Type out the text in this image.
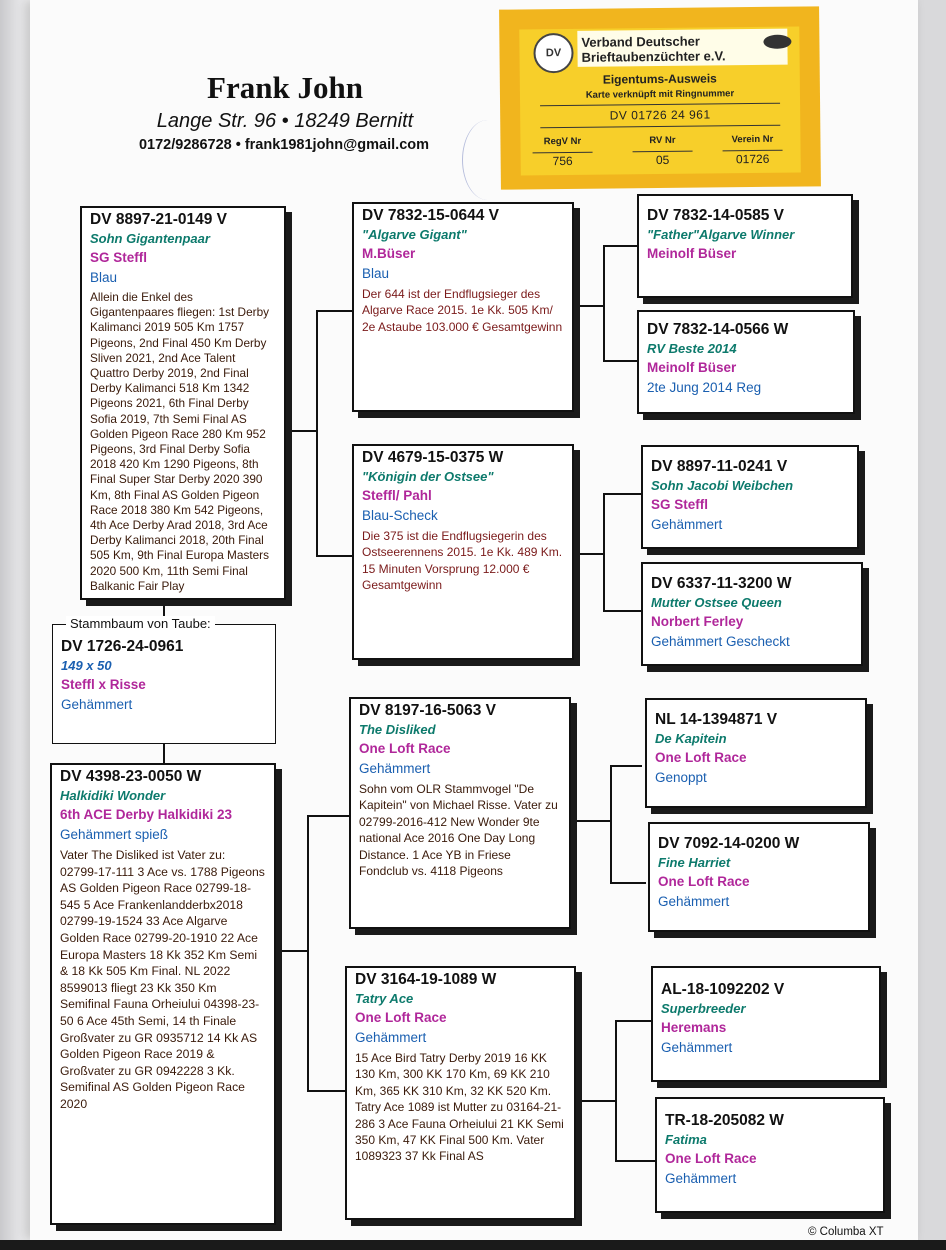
Frank John
Lange Str. 96 • 18249 Bernitt
0172/9286728 • frank1981john@gmail.com
DV
Verband Deutscher Brieftaubenzüchter e.V.
Eigentums-Ausweis
Karte verknüpft mit Ringnummer
DV 01726 24 961
RegV Nr
756
RV Nr
05
Verein Nr
01726
DV 8897-21-0149 V
Sohn Gigantenpaar
SG Steffl
Blau
Allein die Enkel des Gigantenpaares fliegen: 1st Derby Kalimanci 2019 505 Km 1757 Pigeons, 2nd Final 450 Km Derby Sliven 2021, 2nd Ace Talent Quattro Derby 2019, 2nd Final Derby Kalimanci 518 Km 1342 Pigeons 2021, 6th Final Derby Sofia 2019, 7th Semi Final AS Golden Pigeon Race 280 Km 952 Pigeons, 3rd Final Derby Sofia 2018 420 Km 1290 Pigeons, 8th Final Super Star Derby 2020 390 Km, 8th Final AS Golden Pigeon Race 2018 380 Km 542 Pigeons, 4th Ace Derby Arad 2018, 3rd Ace Derby Kalimanci 2018, 20th Final 505 Km, 9th Final Europa Masters 2020 500 Km, 11th Semi Final Balkanic Fair Play
DV 1726-24-0961
149 x 50
Steffl x Risse
Gehämmert
Stammbaum von Taube:
DV 4398-23-0050 W
Halkidiki Wonder
6th ACE Derby Halkidiki 23
Gehämmert spieß
Vater The Disliked ist Vater zu: 02799-17-111 3 Ace vs. 1788 Pigeons AS Golden Pigeon Race 02799-18-545 5 Ace Frankenlandderbx2018 02799-19-1524 33 Ace Algarve Golden Race 02799-20-1910 22 Ace Europa Masters 18 Kk 352 Km Semi & 18 Kk 505 Km Final. NL 2022 8599013 fliegt 23 Kk 350 Km Semifinal Fauna Orheiului 04398-23-50 6 Ace 45th Semi, 14 th Finale Großvater zu GR 0935712 14 Kk AS Golden Pigeon Race 2019 & Großvater zu GR 0942228 3 Kk. Semifinal AS Golden Pigeon Race 2020
DV 7832-15-0644 V
"Algarve Gigant"
M.Büser
Blau
Der 644 ist der Endflugsieger des Algarve Race 2015. 1e Kk. 505 Km/ 2e Astaube 103.000 € Gesamtgewinn
DV 4679-15-0375 W
"Königin der Ostsee"
Steffl/ Pahl
Blau-Scheck
Die 375 ist die Endflugsiegerin des Ostseerennens 2015. 1e Kk. 489 Km. 15 Minuten Vorsprung 12.000 € Gesamtgewinn
DV 7832-14-0585 V
"Father"Algarve Winner
Meinolf Büser
DV 7832-14-0566 W
RV Beste 2014
Meinolf Büser
2te Jung 2014 Reg
DV 8897-11-0241 V
Sohn Jacobi Weibchen
SG Steffl
Gehämmert
DV 6337-11-3200 W
Mutter Ostsee Queen
Norbert Ferley
Gehämmert Gescheckt
DV 8197-16-5063 V
The Disliked
One Loft Race
Gehämmert
Sohn vom OLR Stammvogel "De Kapitein" von Michael Risse. Vater zu 02799-2016-412 New Wonder 9te national Ace 2016 One Day Long Distance. 1 Ace YB in Friese Fondclub vs. 4118 Pigeons
DV 3164-19-1089 W
Tatry Ace
One Loft Race
Gehämmert
15 Ace Bird Tatry Derby 2019 16 KK 130 Km, 300 KK 170 Km, 69 KK 210 Km, 365 KK 310 Km, 32 KK 520 Km. Tatry Ace 1089 ist Mutter zu 03164-21-286 3 Ace Fauna Orheiului 21 KK Semi 350 Km, 47 KK Final 500 Km. Vater 1089323 37 Kk Final AS
NL 14-1394871 V
De Kapitein
One Loft Race
Genoppt
DV 7092-14-0200 W
Fine Harriet
One Loft Race
Gehämmert
AL-18-1092202 V
Superbreeder
Heremans
Gehämmert
TR-18-205082 W
Fatima
One Loft Race
Gehämmert
© Columba XT
